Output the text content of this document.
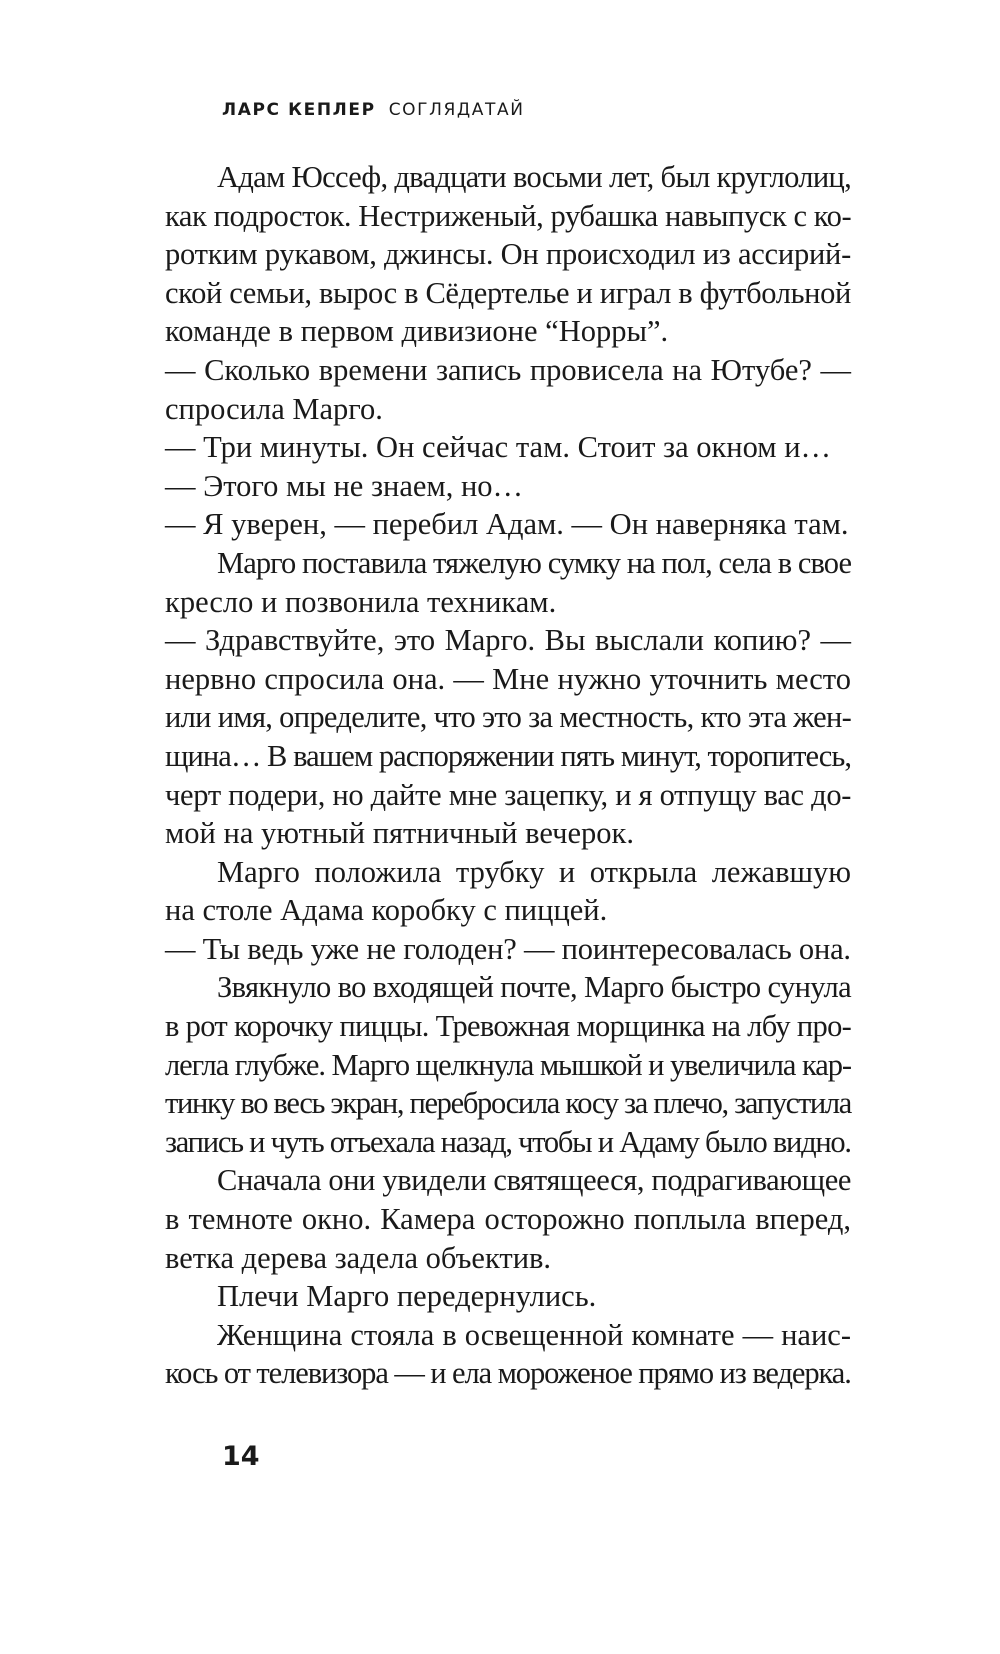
ЛАРС КЕПЛЕР СОГЛЯДАТАЙ
Адам Юссеф, двадцати восьми лет, был круглолиц,
как подросток. Нестриженый, рубашка навыпуск с ко-
ротким рукавом, джинсы. Он происходил из ассирий-
ской семьи, вырос в Сёдертелье и играл в футбольной
команде в первом дивизионе “Норры”.
— Сколько времени запись провисела на Ютубе? —
спросила Марго.
— Три минуты. Он сейчас там. Стоит за окном и…
— Этого мы не знаем, но…
— Я уверен, — перебил Адам. — Он наверняка там.
Марго поставила тяжелую сумку на пол, села в свое
кресло и позвонила техникам.
— Здравствуйте, это Марго. Вы выслали копию? —
нервно спросила она. — Мне нужно уточнить место
или имя, определите, что это за местность, кто эта жен-
щина… В вашем распоряжении пять минут, торопитесь,
черт подери, но дайте мне зацепку, и я отпущу вас до-
мой на уютный пятничный вечерок.
Марго положила трубку и открыла лежавшую
на столе Адама коробку с пиццей.
— Ты ведь уже не голоден? — поинтересовалась она.
Звякнуло во входящей почте, Марго быстро сунула
в рот корочку пиццы. Тревожная морщинка на лбу про-
легла глубже. Марго щелкнула мышкой и увеличила кар-
тинку во весь экран, перебросила косу за плечо, запустила
запись и чуть отъехала назад, чтобы и Адаму было видно.
Сначала они увидели святящееся, подрагивающее
в темноте окно. Камера осторожно поплыла вперед,
ветка дерева задела объектив.
Плечи Марго передернулись.
Женщина стояла в освещенной комнате — наис-
кось от телевизора — и ела мороженое прямо из ведерка.
14
